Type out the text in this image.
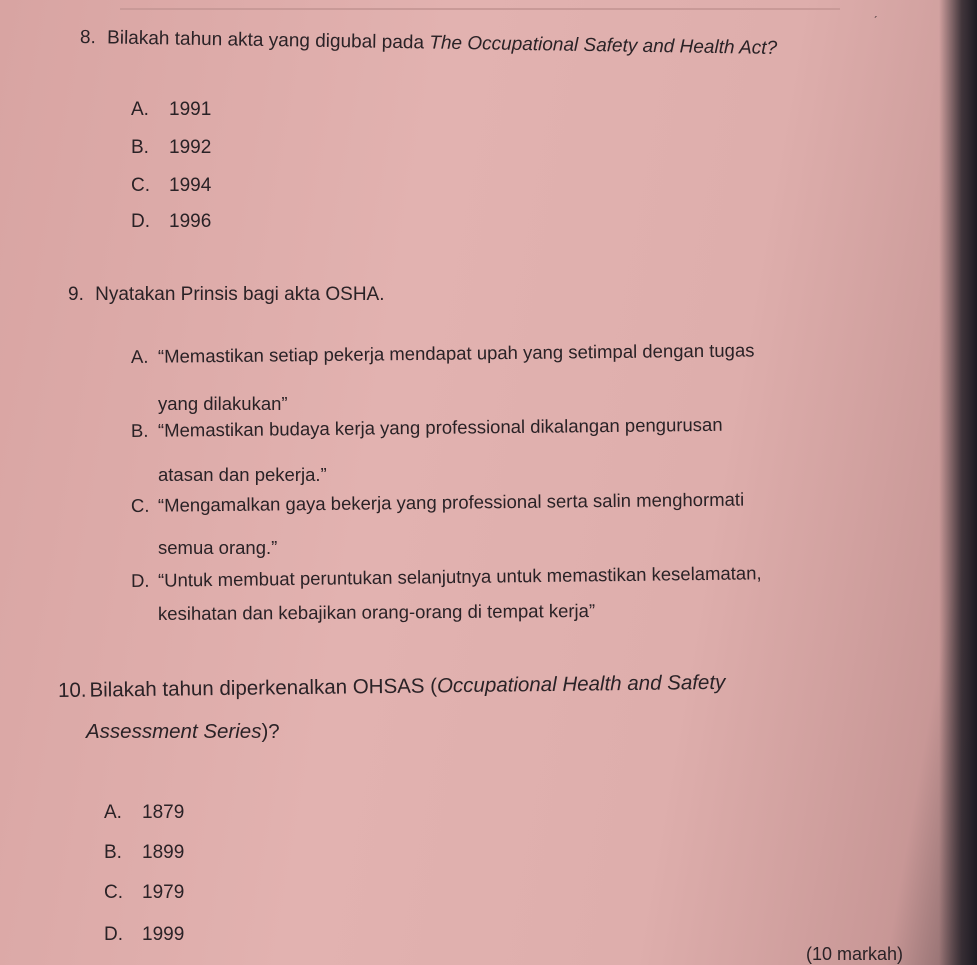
ˏ
8. Bilakah tahun akta yang digubal pada The Occupational Safety and Health Act?
A. 1991
B. 1992
C. 1994
D. 1996
9. Nyatakan Prinsis bagi akta OSHA.
A. “Memastikan setiap pekerja mendapat upah yang setimpal dengan tugas
yang dilakukan”
B. “Memastikan budaya kerja yang professional dikalangan pengurusan
atasan dan pekerja.”
C. “Mengamalkan gaya bekerja yang professional serta salin menghormati
semua orang.”
D. “Untuk membuat peruntukan selanjutnya untuk memastikan keselamatan,
kesihatan dan kebajikan orang-orang di tempat kerja”
10. Bilakah tahun diperkenalkan OHSAS (Occupational Health and Safety
Assessment Series)?
A. 1879
B. 1899
C. 1979
D. 1999
(10 markah)
